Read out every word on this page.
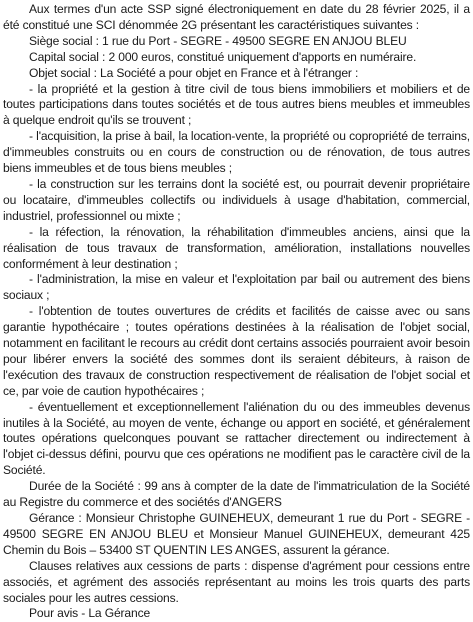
Aux termes d'un acte SSP signé électroniquement en date du 28 février 2025, il a été constitué une SCI dénommée 2G présentant les caractéristiques suivantes :

Siège social : 1 rue du Port - SEGRE - 49500 SEGRE EN ANJOU BLEU

Capital social : 2 000 euros, constitué uniquement d'apports en numéraire.

Objet social : La Société a pour objet en France et à l'étranger :

- la propriété et la gestion à titre civil de tous biens immobiliers et mobiliers et de toutes participations dans toutes sociétés et de tous autres biens meubles et immeubles à quelque endroit qu'ils se trouvent ;

- l'acquisition, la prise à bail, la location-vente, la propriété ou copropriété de terrains, d'immeubles construits ou en cours de construction ou de rénovation, de tous autres biens immeubles et de tous biens meubles ;

- la construction sur les terrains dont la société est, ou pourrait devenir propriétaire ou locataire, d'immeubles collectifs ou individuels à usage d'habitation, commercial, industriel, professionnel ou mixte ;

- la réfection, la rénovation, la réhabilitation d'immeubles anciens, ainsi que la réalisation de tous travaux de transformation, amélioration, installations nouvelles conformément à leur destination ;

- l'administration, la mise en valeur et l'exploitation par bail ou autrement des biens sociaux ;

- l'obtention de toutes ouvertures de crédits et facilités de caisse avec ou sans garantie hypothécaire ; toutes opérations destinées à la réalisation de l'objet social, notamment en facilitant le recours au crédit dont certains associés pourraient avoir besoin pour libérer envers la société des sommes dont ils seraient débiteurs, à raison de l'exécution des travaux de construction respectivement de réalisation de l'objet social et ce, par voie de caution hypothécaires ;

- éventuellement et exceptionnellement l'aliénation du ou des immeubles devenus inutiles à la Société, au moyen de vente, échange ou apport en société, et généralement toutes opérations quelconques pouvant se rattacher directement ou indirectement à l'objet ci-dessus défini, pourvu que ces opérations ne modifient pas le caractère civil de la Société.

Durée de la Société : 99 ans à compter de la date de l'immatriculation de la Société au Registre du commerce et des sociétés d'ANGERS

Gérance : Monsieur Christophe GUINEHEUX, demeurant 1 rue du Port - SEGRE - 49500 SEGRE EN ANJOU BLEU et Monsieur Manuel GUINEHEUX, demeurant 425 Chemin du Bois – 53400 ST QUENTIN LES ANGES, assurent la gérance.

Clauses relatives aux cessions de parts : dispense d'agrément pour cessions entre associés, et agrément des associés représentant au moins les trois quarts des parts sociales pour les autres cessions.

Pour avis - La Gérance
